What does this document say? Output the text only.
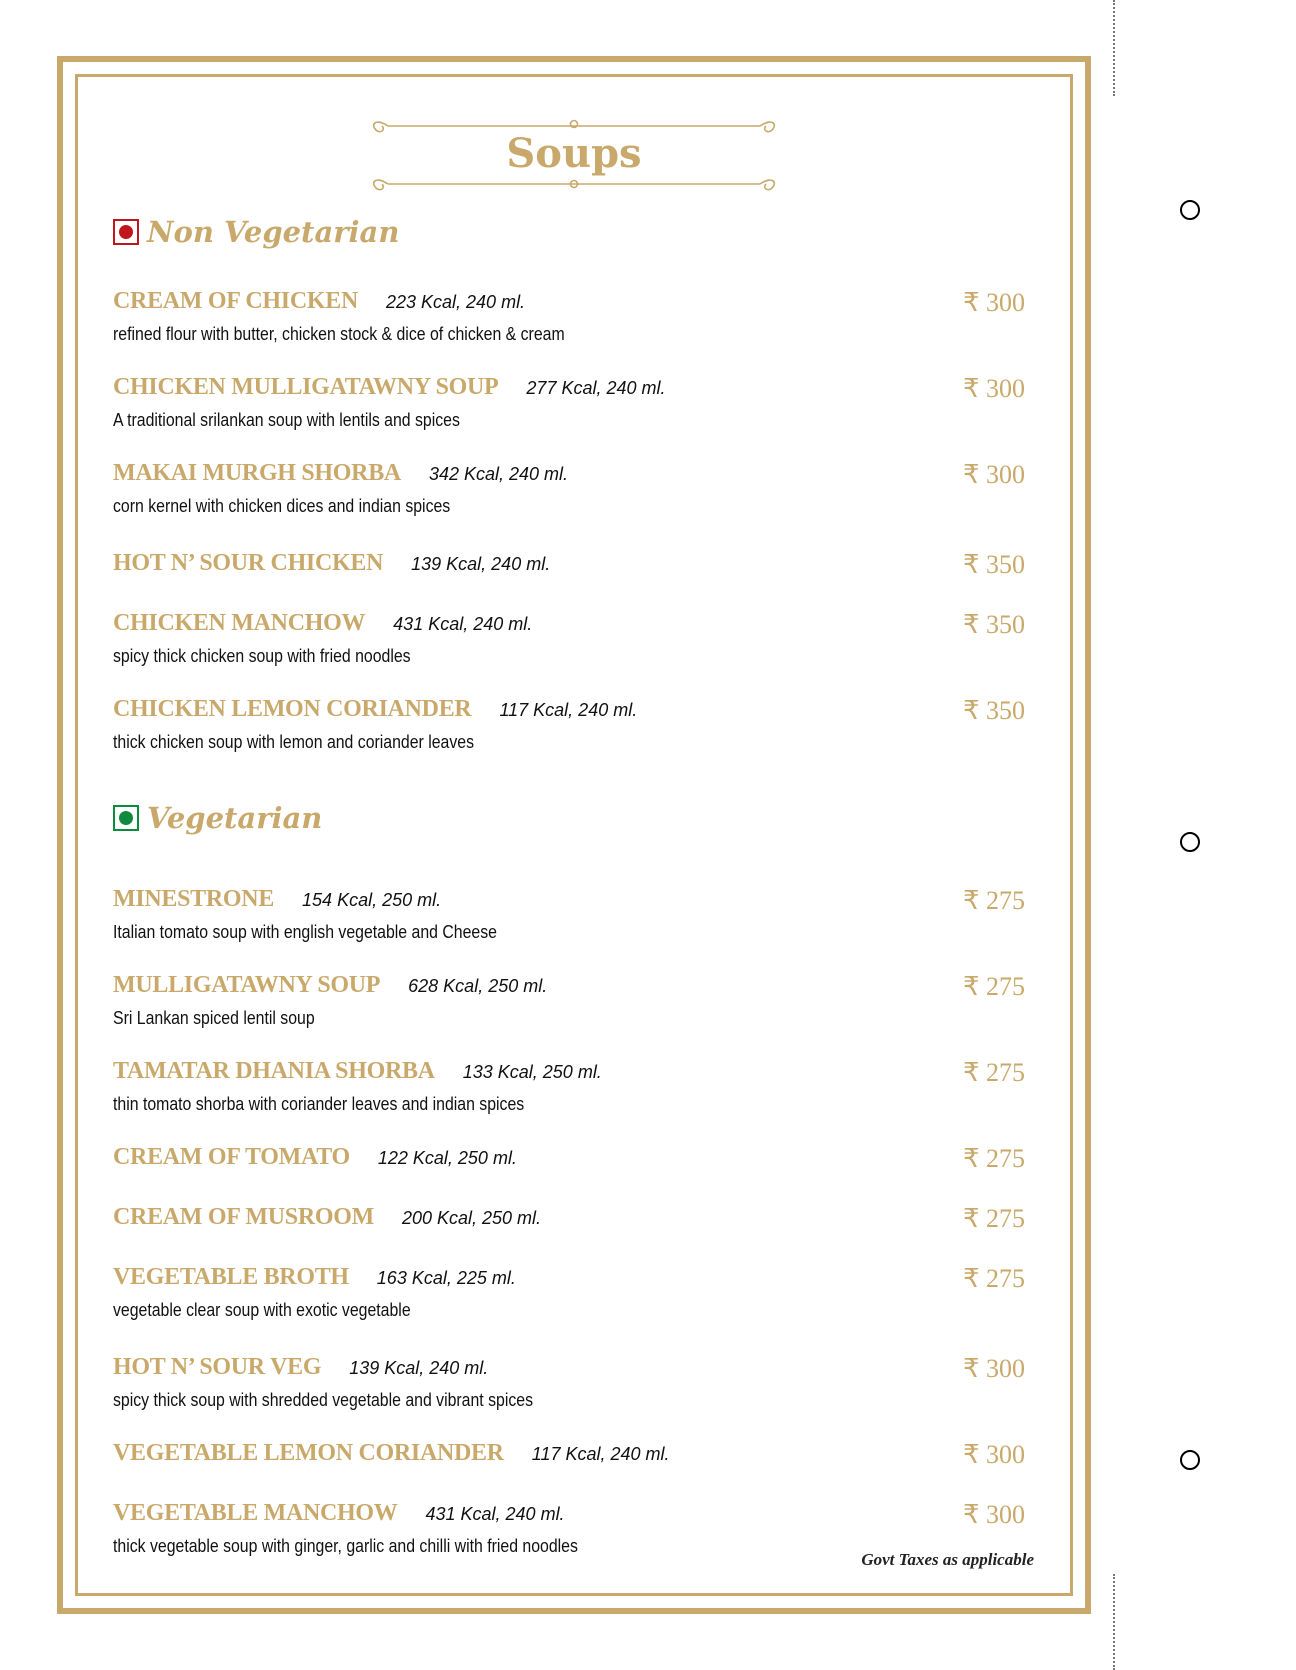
Soups
Non Vegetarian
CREAM OF CHICKEN 223 Kcal, 240 ml.
refined flour with butter, chicken stock & dice of chicken & cream
₹ 300
CHICKEN MULLIGATAWNY SOUP 277 Kcal, 240 ml.
A traditional srilankan soup with lentils and spices
₹ 300
MAKAI MURGH SHORBA 342 Kcal, 240 ml.
corn kernel with chicken dices and indian spices
₹ 300
HOT N’ SOUR CHICKEN 139 Kcal, 240 ml.	₹ 350
CHICKEN MANCHOW 431 Kcal, 240 ml.
spicy thick chicken soup with fried noodles
₹ 350
CHICKEN LEMON CORIANDER 117 Kcal, 240 ml.
thick chicken soup with lemon and coriander leaves
₹ 350
Vegetarian
MINESTRONE 154 Kcal, 250 ml.
Italian tomato soup with english vegetable and Cheese
₹ 275
MULLIGATAWNY SOUP 628 Kcal, 250 ml.
Sri Lankan spiced lentil soup
₹ 275
TAMATAR DHANIA SHORBA 133 Kcal, 250 ml.
thin tomato shorba with coriander leaves and indian spices
₹ 275
CREAM OF TOMATO 122 Kcal, 250 ml.	₹ 275
CREAM OF MUSROOM 200 Kcal, 250 ml.	₹ 275
VEGETABLE BROTH 163 Kcal, 225 ml.
vegetable clear soup with exotic vegetable
₹ 275
HOT N’ SOUR VEG 139 Kcal, 240 ml.
spicy thick soup with shredded vegetable and vibrant spices
₹ 300
VEGETABLE LEMON CORIANDER 117 Kcal, 240 ml.	₹ 300
VEGETABLE MANCHOW 431 Kcal, 240 ml.
thick vegetable soup with ginger, garlic and chilli with fried noodles
₹ 300
Govt Taxes as applicable
